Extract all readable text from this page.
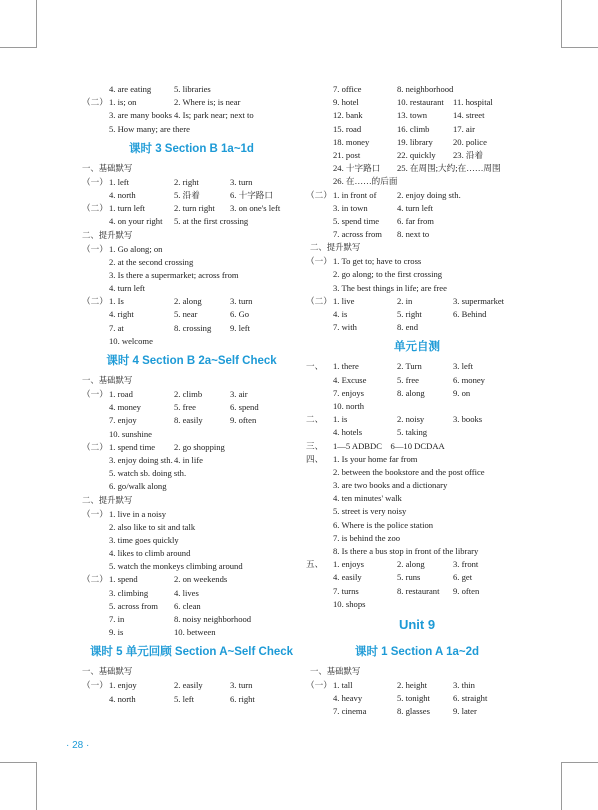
4. are eating	5. libraries
（二） 1. is; on	2. Where is; is near
3. are many books 4. Is; park near; next to
5. How many; are there
课时 3 Section B 1a~1d
一、基础默写
（一） 1. left	2. right	3. turn
4. north	5. 沿着	6. 十字路口
（二） 1. turn left	2. turn right 3. on one's left
4. on your right 5. at the first crossing
二、提升默写
（一） 1. Go along; on
2. at the second crossing
3. Is there a supermarket; across from
4. turn left
（二） 1. Is	2. along	3. turn
4. right	5. near	6. Go
7. at	8. crossing 9. left
10. welcome
课时 4 Section B 2a~Self Check
一、基础默写
（一） 1. road	2. climb	3. air
4. money	5. free	6. spend
7. enjoy	8. easily	9. often
10. sunshine
（二） 1. spend time 2. go shopping
3. enjoy doing sth. 4. in life
5. watch sb. doing sth.
6. go/walk along
二、提升默写
（一） 1. live in a noisy
2. also like to sit and talk
3. time goes quickly
4. likes to climb around
5. watch the monkeys climbing around
（二） 1. spend	2. on weekends
3. climbing	4. lives
5. across from 6. clean
7. in	8. noisy neighborhood
9. is	10. between
课时 5 单元回顾 Section A~Self Check
一、基础默写
（一） 1. enjoy	2. easily	3. turn
4. north	5. left	6. right
7. office	8. neighborhood
9. hotel	10. restaurant 11. hospital
12. bank	13. town	14. street
15. road	16. climb	17. air
18. money	19. library 20. police
21. post	22. quickly 23. 沿着
24. 十字路口 25. 在周围;大约;在……周围
26. 在……的后面
（二） 1. in front of 2. enjoy doing sth.
3. in town	4. turn left
5. spend time 6. far from
7. across from 8. next to
二、提升默写
（一） 1. To get to; have to cross
2. go along; to the first crossing
3. The best things in life; are free
（二） 1. live	2. in	3. supermarket
4. is	5. right	6. Behind
7. with	8. end
单元自测
一、 1. there	2. Turn	3. left
4. Excuse	5. free	6. money
7. enjoys	8. along	9. on
10. north
二、 1. is	2. noisy	3. books
4. hotels	5. taking
三、 1—5 ADBDC　6—10 DCDAA
四、 1. Is your home far from
2. between the bookstore and the post office
3. are two books and a dictionary
4. ten minutes' walk
5. street is very noisy
6. Where is the police station
7. is behind the zoo
8. Is there a bus stop in front of the library
五、 1. enjoys	2. along	3. front
4. easily	5. runs	6. get
7. turns	8. restaurant 9. often
10. shops
Unit 9
课时 1 Section A 1a~2d
一、基础默写
（一） 1. tall	2. height	3. thin
4. heavy	5. tonight	6. straight
7. cinema	8. glasses	9. later
· 28 ·
